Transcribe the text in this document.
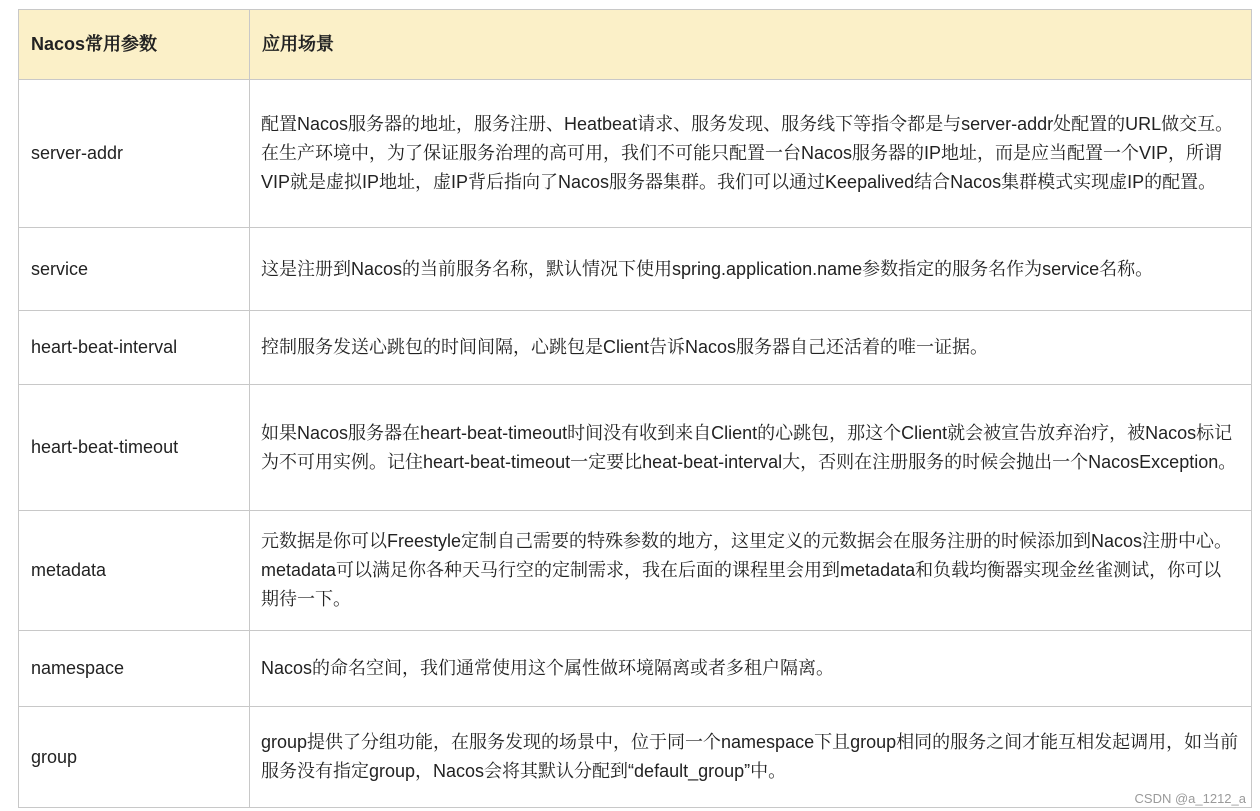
Nacos常用参数	应用场景
server-addr	配置Nacos服务器的地址，服务注册、Heatbeat请求、服务发现、服务线下等指令都是与server-addr处配置的URL做交互。在生产环境中，为了保证服务治理的高可用，我们不可能只配置一台Nacos服务器的IP地址，而是应当配置一个VIP，所谓VIP就是虚拟IP地址，虚IP背后指向了Nacos服务器集群。我们可以通过Keepalived结合Nacos集群模式实现虚IP的配置。
service	这是注册到Nacos的当前服务名称，默认情况下使用spring.application.name参数指定的服务名作为service名称。
heart-beat-interval	控制服务发送心跳包的时间间隔，心跳包是Client告诉Nacos服务器自己还活着的唯一证据。
heart-beat-timeout	如果Nacos服务器在heart-beat-timeout时间没有收到来自Client的心跳包，那这个Client就会被宣告放弃治疗，被Nacos标记为不可用实例。记住heart-beat-timeout一定要比heat-beat-interval大，否则在注册服务的时候会抛出一个NacosException。
metadata	元数据是你可以Freestyle定制自己需要的特殊参数的地方，这里定义的元数据会在服务注册的时候添加到Nacos注册中心。metadata可以满足你各种天马行空的定制需求，我在后面的课程里会用到metadata和负载均衡器实现金丝雀测试，你可以期待一下。
namespace	Nacos的命名空间，我们通常使用这个属性做环境隔离或者多租户隔离。
group	group提供了分组功能，在服务发现的场景中，位于同一个namespace下且group相同的服务之间才能互相发起调用，如当前服务没有指定group，Nacos会将其默认分配到“default_group”中。
CSDN @a_1212_a
